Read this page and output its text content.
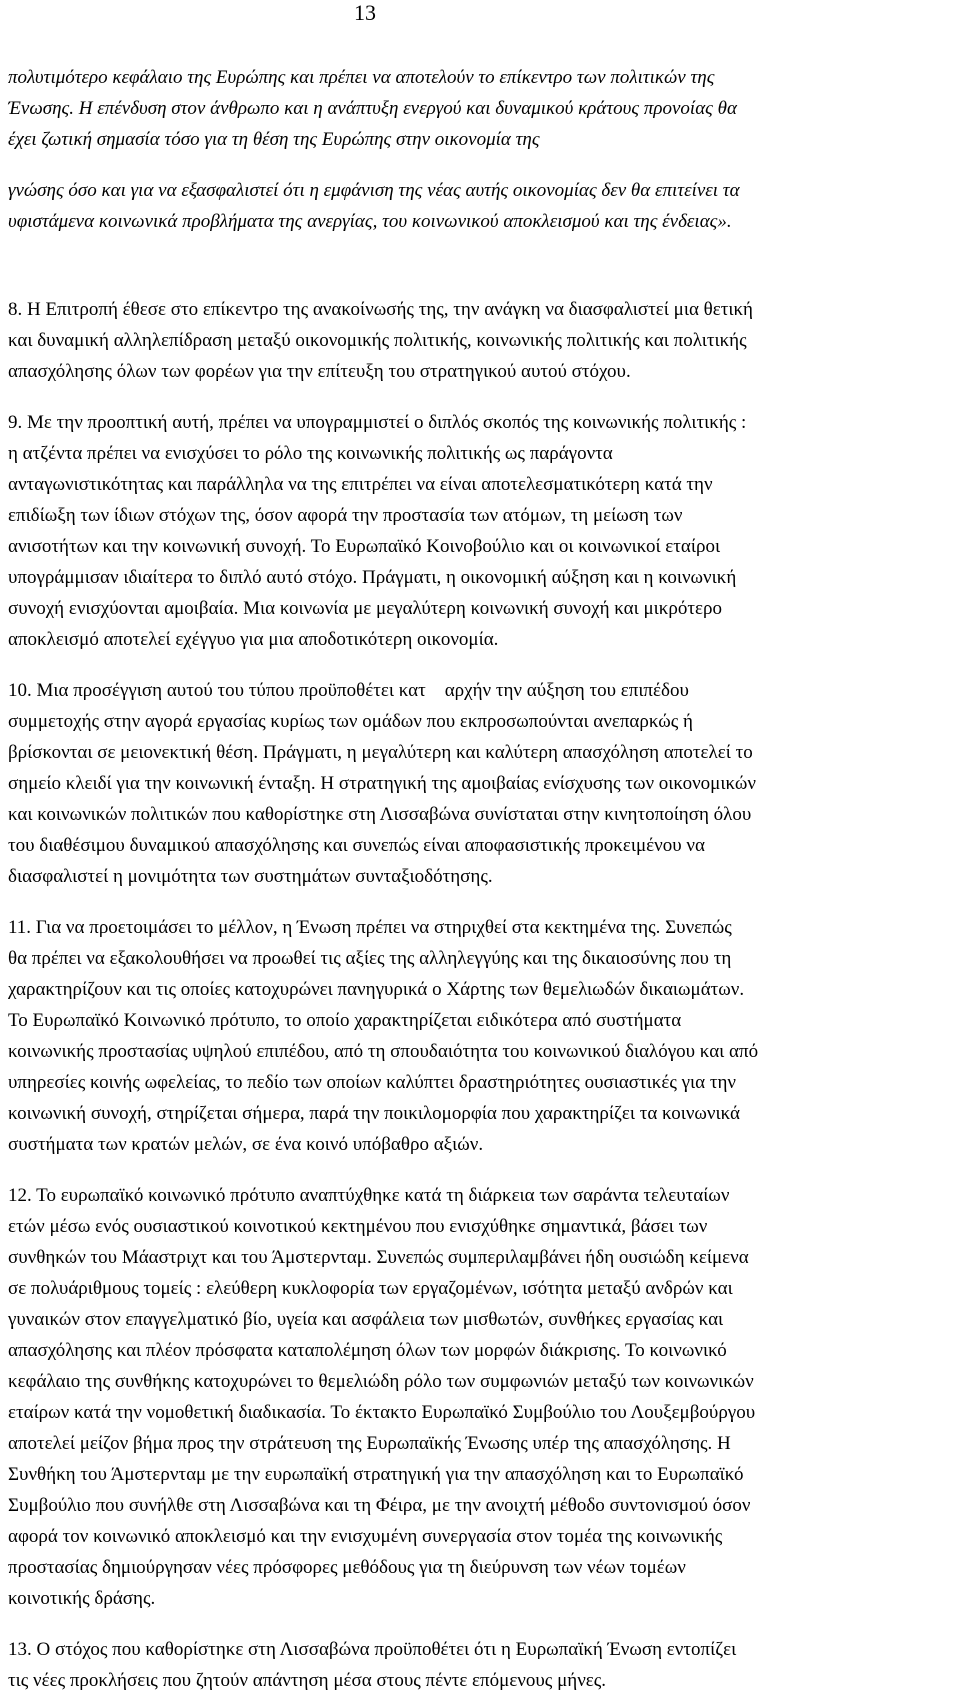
13
πολυτιμότερο κεφάλαιο της Ευρώπης και πρέπει να αποτελούν το επίκεντρο των πολιτικών της
Ένωσης. Η επένδυση στον άνθρωπο και η ανάπτυξη ενεργού και δυναμικού κράτους προνοίας θα
έχει ζωτική σημασία τόσο για τη θέση της Ευρώπης στην οικονομία της
γνώσης όσο και για να εξασφαλιστεί ότι η εμφάνιση της νέας αυτής οικονομίας δεν θα επιτείνει τα
υφιστάμενα κοινωνικά προβλήματα της ανεργίας, του κοινωνικού αποκλεισμού και της ένδειας».
8. Η Επιτροπή έθεσε στο επίκεντρο της ανακοίνωσής της, την ανάγκη να διασφαλιστεί μια θετική
και δυναμική αλληλεπίδραση μεταξύ οικονομικής πολιτικής, κοινωνικής πολιτικής και πολιτικής
απασχόλησης όλων των φορέων για την επίτευξη του στρατηγικού αυτού στόχου.
9. Με την προοπτική αυτή, πρέπει να υπογραμμιστεί ο διπλός σκοπός της κοινωνικής πολιτικής :
η ατζέντα πρέπει να ενισχύσει το ρόλο της κοινωνικής πολιτικής ως παράγοντα
ανταγωνιστικότητας και παράλληλα να της επιτρέπει να είναι αποτελεσματικότερη κατά την
επιδίωξη των ίδιων στόχων της, όσον αφορά την προστασία των ατόμων, τη μείωση των
ανισοτήτων και την κοινωνική συνοχή. Το Ευρωπαϊκό Κοινοβούλιο και οι κοινωνικοί εταίροι
υπογράμμισαν ιδιαίτερα το διπλό αυτό στόχο. Πράγματι, η οικονομική αύξηση και η κοινωνική
συνοχή ενισχύονται αμοιβαία. Μια κοινωνία με μεγαλύτερη κοινωνική συνοχή και μικρότερο
αποκλεισμό αποτελεί εχέγγυο για μια αποδοτικότερη οικονομία.
10. Μια προσέγγιση αυτού του τύπου προϋποθέτει κατ    αρχήν την αύξηση του επιπέδου
συμμετοχής στην αγορά εργασίας κυρίως των ομάδων που εκπροσωπούνται ανεπαρκώς ή
βρίσκονται σε μειονεκτική θέση. Πράγματι, η μεγαλύτερη και καλύτερη απασχόληση αποτελεί το
σημείο κλειδί για την κοινωνική ένταξη. Η στρατηγική της αμοιβαίας ενίσχυσης των οικονομικών
και κοινωνικών πολιτικών που καθορίστηκε στη Λισσαβώνα συνίσταται στην κινητοποίηση όλου
του διαθέσιμου δυναμικού απασχόλησης και συνεπώς είναι αποφασιστικής προκειμένου να
διασφαλιστεί η μονιμότητα των συστημάτων συνταξιοδότησης.
11. Για να προετοιμάσει το μέλλον, η Ένωση πρέπει να στηριχθεί στα κεκτημένα της. Συνεπώς
θα πρέπει να εξακολουθήσει να προωθεί τις αξίες της αλληλεγγύης και της δικαιοσύνης που τη
χαρακτηρίζουν και τις οποίες κατοχυρώνει πανηγυρικά ο Χάρτης των θεμελιωδών δικαιωμάτων.
Το Ευρωπαϊκό Κοινωνικό πρότυπο, το οποίο χαρακτηρίζεται ειδικότερα από συστήματα
κοινωνικής προστασίας υψηλού επιπέδου, από τη σπουδαιότητα του κοινωνικού διαλόγου και από
υπηρεσίες κοινής ωφελείας, το πεδίο των οποίων καλύπτει δραστηριότητες ουσιαστικές για την
κοινωνική συνοχή, στηρίζεται σήμερα, παρά την ποικιλομορφία που χαρακτηρίζει τα κοινωνικά
συστήματα των κρατών μελών, σε ένα κοινό υπόβαθρο αξιών.
12. Το ευρωπαϊκό κοινωνικό πρότυπο αναπτύχθηκε κατά τη διάρκεια των σαράντα τελευταίων
ετών μέσω ενός ουσιαστικού κοινοτικού κεκτημένου που ενισχύθηκε σημαντικά, βάσει των
συνθηκών του Μάαστριχτ και του Άμστερνταμ. Συνεπώς συμπεριλαμβάνει ήδη ουσιώδη κείμενα
σε πολυάριθμους τομείς : ελεύθερη κυκλοφορία των εργαζομένων, ισότητα μεταξύ ανδρών και
γυναικών στον επαγγελματικό βίο, υγεία και ασφάλεια των μισθωτών, συνθήκες εργασίας και
απασχόλησης και πλέον πρόσφατα καταπολέμηση όλων των μορφών διάκρισης. Το κοινωνικό
κεφάλαιο της συνθήκης κατοχυρώνει το θεμελιώδη ρόλο των συμφωνιών μεταξύ των κοινωνικών
εταίρων κατά την νομοθετική διαδικασία. Το έκτακτο Ευρωπαϊκό Συμβούλιο του Λουξεμβούργου
αποτελεί μείζον βήμα προς την στράτευση της Ευρωπαϊκής Ένωσης υπέρ της απασχόλησης. Η
Συνθήκη του Άμστερνταμ με την ευρωπαϊκή στρατηγική για την απασχόληση και το Ευρωπαϊκό
Συμβούλιο που συνήλθε στη Λισσαβώνα και τη Φέιρα, με την ανοιχτή μέθοδο συντονισμού όσον
αφορά τον κοινωνικό αποκλεισμό και την ενισχυμένη συνεργασία στον τομέα της κοινωνικής
προστασίας δημιούργησαν νέες πρόσφορες μεθόδους για τη διεύρυνση των νέων τομέων
κοινοτικής δράσης.
13. Ο στόχος που καθορίστηκε στη Λισσαβώνα προϋποθέτει ότι η Ευρωπαϊκή Ένωση εντοπίζει
τις νέες προκλήσεις που ζητούν απάντηση μέσα στους πέντε επόμενους μήνες.
